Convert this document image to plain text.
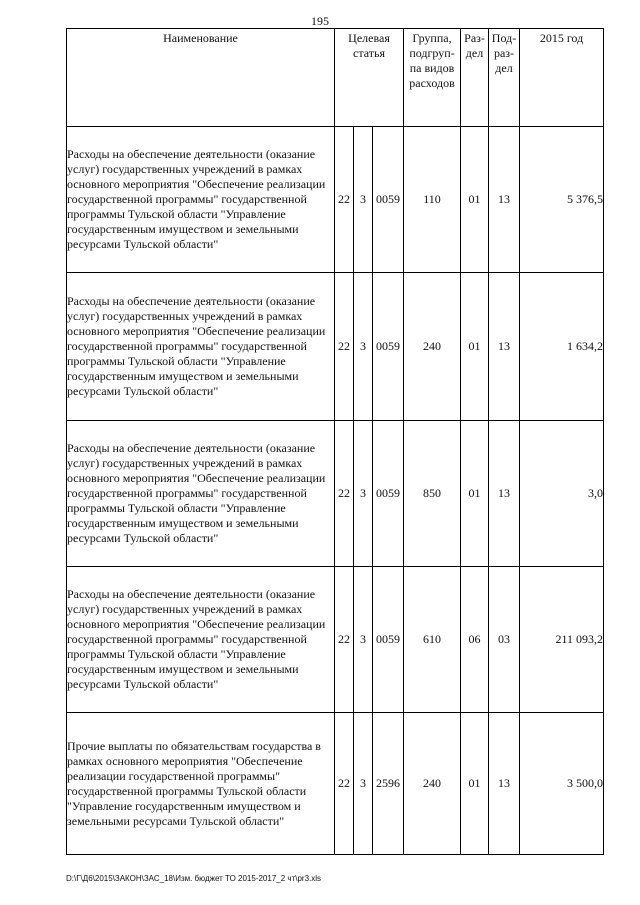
195
Наименование	Целевая статья			Группа, подгруп-па видов расходов	Раз-дел	Под-раз-дел	2015 год
Расходы на обеспечение деятельности (оказание услуг) государственных учреждений в рамках основного мероприятия "Обеспечение реализации государственной программы" государственной программы Тульской области "Управление государственным имуществом и земельными ресурсами Тульской области"	22	3	0059	110	01	13	5 376,5
Расходы на обеспечение деятельности (оказание услуг) государственных учреждений в рамках основного мероприятия "Обеспечение реализации государственной программы" государственной программы Тульской области "Управление государственным имуществом и земельными ресурсами Тульской области"	22	3	0059	240	01	13	1 634,2
Расходы на обеспечение деятельности (оказание услуг) государственных учреждений в рамках основного мероприятия "Обеспечение реализации государственной программы" государственной программы Тульской области "Управление государственным имуществом и земельными ресурсами Тульской области"	22	3	0059	850	01	13	3,0
Расходы на обеспечение деятельности (оказание услуг) государственных учреждений в рамках основного мероприятия "Обеспечение реализации государственной программы" государственной программы Тульской области "Управление государственным имуществом и земельными ресурсами Тульской области"	22	3	0059	610	06	03	211 093,2
Прочие выплаты по обязательствам государства в рамках основного мероприятия "Обеспечение реализации государственной программы" государственной программы Тульской области "Управление государственным имуществом и земельными ресурсами Тульской области"	22	3	2596	240	01	13	3 500,0
D:\Г\Д6\2015\ЗАКОН\ЗАС_18\Изм. бюджет ТО 2015-2017_2 чт\pr3.xls
